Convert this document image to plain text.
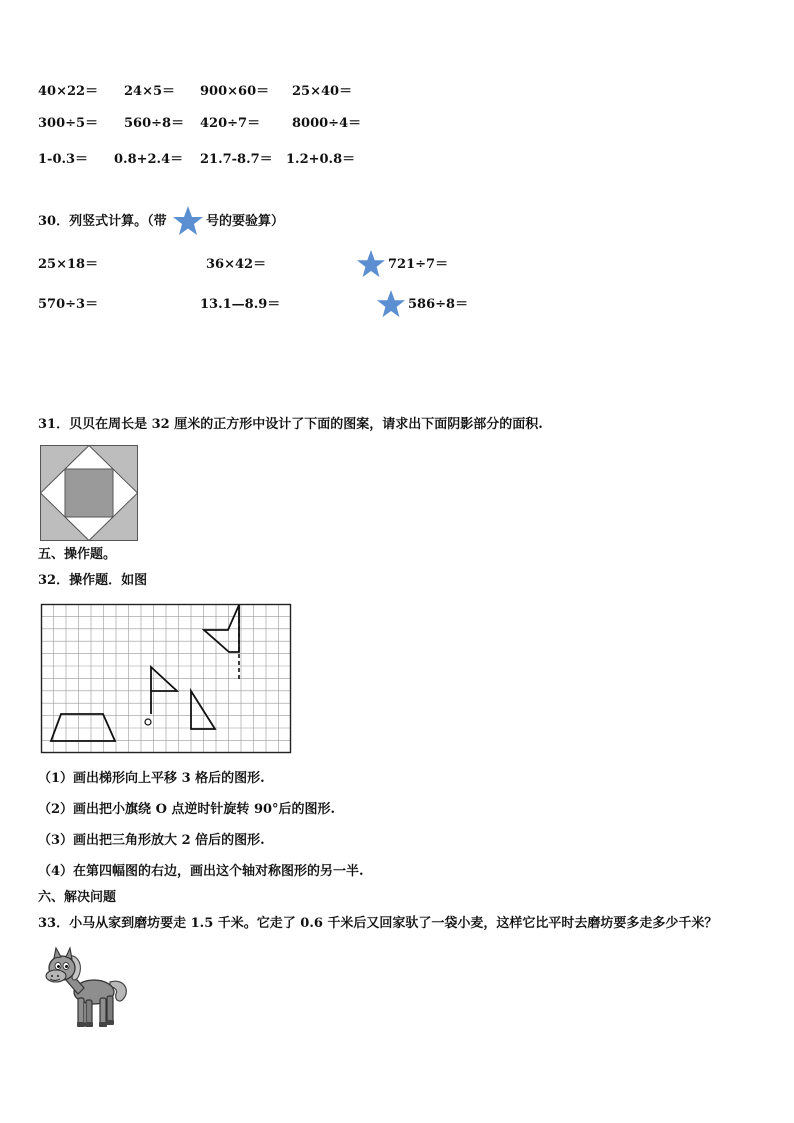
40×22＝ 24×5＝ 900×60＝ 25×40＝
300÷5＝ 560÷8＝ 420÷7＝ 8000÷4＝
1-0.3＝ 0.8+2.4＝ 21.7-8.7＝ 1.2+0.8＝
30．列竖式计算。（带	号的要验算）
25×18＝	36×42＝	721÷7＝
570÷3＝	13.1—8.9＝	586÷8＝
31．贝贝在周长是 32 厘米的正方形中设计了下面的图案，请求出下面阴影部分的面积.
五、操作题。
32．操作题．如图
（1）画出梯形向上平移 3 格后的图形.
（2）画出把小旗绕 O 点逆时针旋转 90°后的图形.
（3）画出把三角形放大 2 倍后的图形.
（4）在第四幅图的右边，画出这个轴对称图形的另一半.
六、解决问题
33．小马从家到磨坊要走 1.5 千米。它走了 0.6 千米后又回家驮了一袋小麦，这样它比平时去磨坊要多走多少千米？
